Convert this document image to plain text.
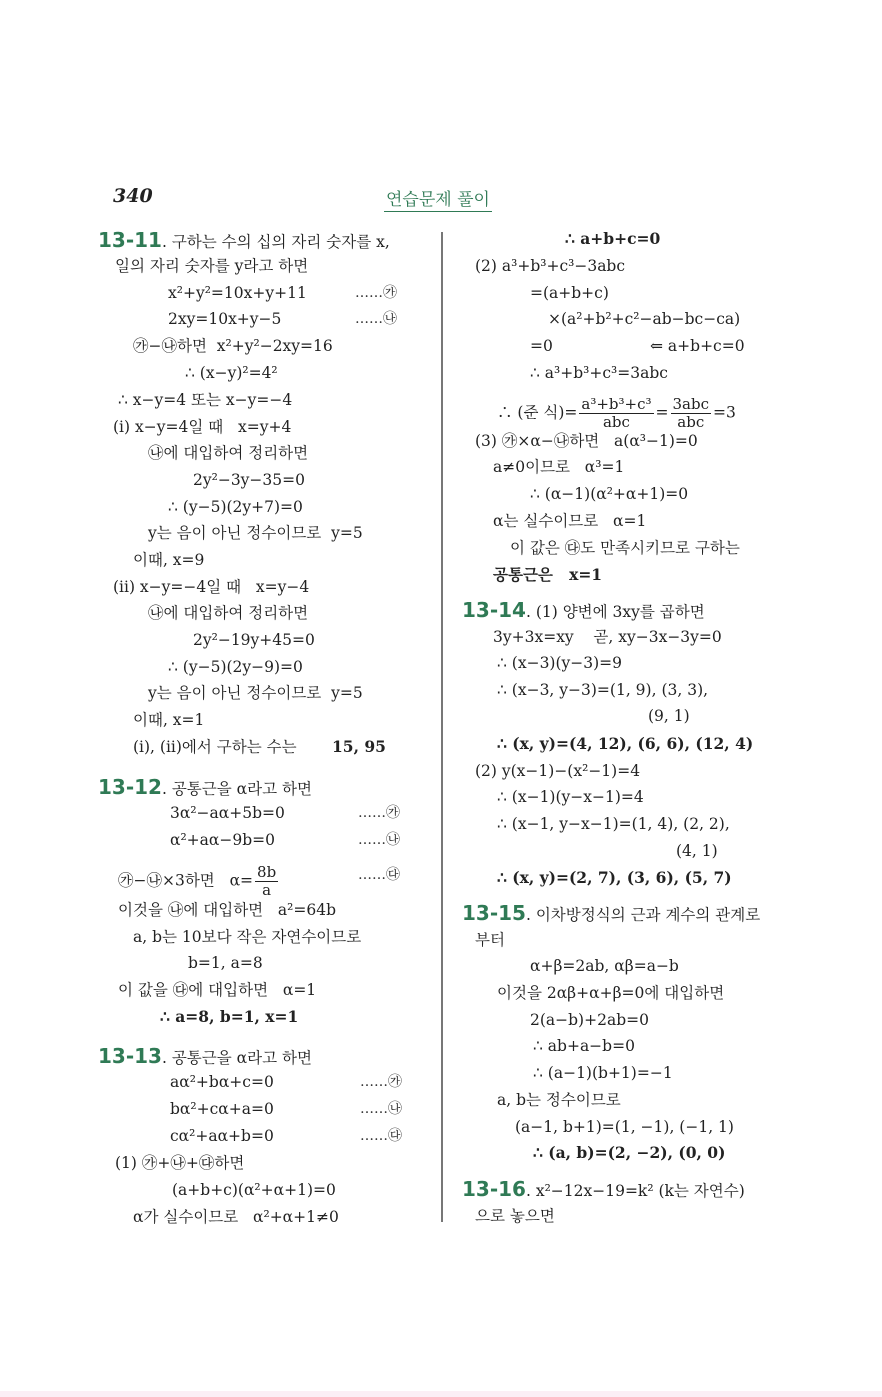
340	연습문제 풀이
13-11. 구하는 수의 십의 자리 숫자를 x,
일의 자리 숫자를 y라고 하면
x²+y²=10x+y+11	……㉮
2xy=10x+y−5	……㉯
㉮−㉯하면  x²+y²−2xy=16
∴ (x−y)²=4²
∴ x−y=4 또는 x−y=−4
(i) x−y=4일 때   x=y+4
㉯에 대입하여 정리하면
2y²−3y−35=0
∴ (y−5)(2y+7)=0
y는 음이 아닌 정수이므로  y=5
이때, x=9
(ii) x−y=−4일 때   x=y−4
㉯에 대입하여 정리하면
2y²−19y+45=0
∴ (y−5)(2y−9)=0
y는 음이 아닌 정수이므로  y=5
이때, x=1
(i), (ii)에서 구하는 수는 15, 95
13-12. 공통근을 α라고 하면
3α²−aα+5b=0	……㉮
α²+aα−9b=0	……㉯
㉮−㉯×3하면   $\alpha= \frac{8b}{a}$	……㉰
이것을 ㉯에 대입하면   a²=64b
a, b는 10보다 작은 자연수이므로
b=1, a=8
이 값을 ㉰에 대입하면   α=1
∴ a=8, b=1, x=1
13-13. 공통근을 α라고 하면
aα²+bα+c=0	……㉮
bα²+cα+a=0	……㉯
cα²+aα+b=0	……㉰
(1) ㉮+㉯+㉰하면
(a+b+c)(α²+α+1)=0
α가 실수이므로   α²+α+1≠0
∴ a+b+c=0
(2) a³+b³+c³−3abc
=(a+b+c)
×(a²+b²+c²−ab−bc−ca)
=0	⇐ a+b+c=0
∴ a³+b³+c³=3abc
∴ (준 식)= $\frac{\text{a³+b³+c³}}{\text{abc}} = \frac{\text{3abc}}{\text{abc}} =3$
(3) ㉮×α−㉯하면   a(α³−1)=0
a≠0이므로   α³=1
∴ (α−1)(α²+α+1)=0
α는 실수이므로   α=1
이 값은 ㉰도 만족시키므로 구하는
공통근은   x=1
13-14. (1) 양변에 3xy를 곱하면
3y+3x=xy    곧, xy−3x−3y=0
∴ (x−3)(y−3)=9
∴ (x−3, y−3)=(1, 9), (3, 3),
(9, 1)
∴ (x, y)=(4, 12), (6, 6), (12, 4)
(2) y(x−1)−(x²−1)=4
∴ (x−1)(y−x−1)=4
∴ (x−1, y−x−1)=(1, 4), (2, 2),
(4, 1)
∴ (x, y)=(2, 7), (3, 6), (5, 7)
13-15. 이차방정식의 근과 계수의 관계로
부터
α+β=2ab, αβ=a−b
이것을 2αβ+α+β=0에 대입하면
2(a−b)+2ab=0
∴ ab+a−b=0
∴ (a−1)(b+1)=−1
a, b는 정수이므로
(a−1, b+1)=(1, −1), (−1, 1)
∴ (a, b)=(2, −2), (0, 0)
13-16. x²−12x−19=k² (k는 자연수)
으로 놓으면
